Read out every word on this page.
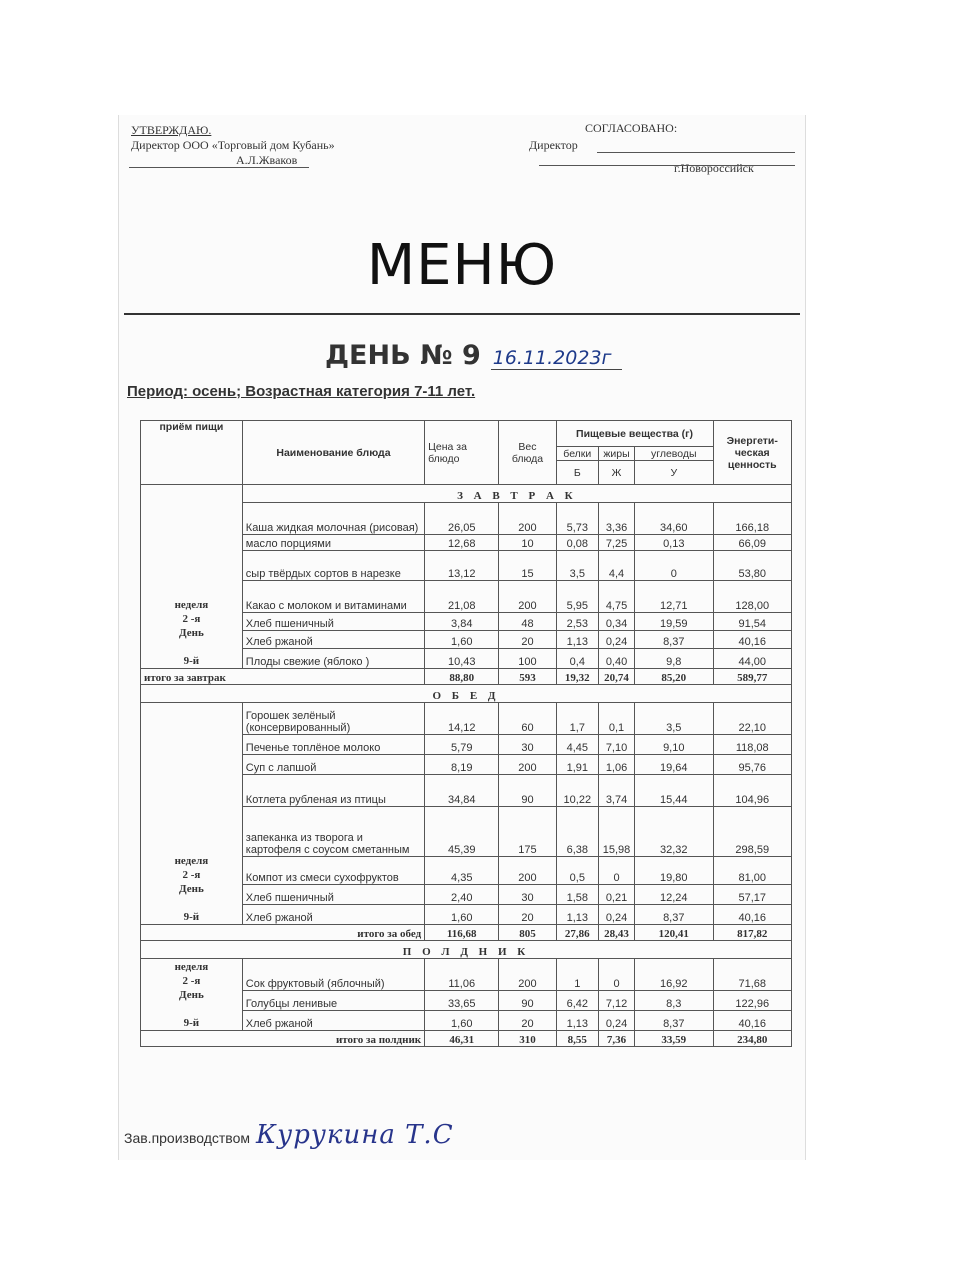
УТВЕРЖДАЮ.
Директор ООО «Торговый дом Кубань»
А.Л.Жваков
СОГЛАСОВАНО:
Директор
г.Новороссийск
МЕНЮ
ДЕНЬ № 9 16.11.2023г
Период: осень; Возрастная категория 7-11 лет.
приём пищи	Наименование блюда	Цена за блюдо	Вес блюда	Пищевые вещества (г)			Энергети-ческая ценность
				белки	жиры	углеводы	
				Б	Ж	У	
	З А В Т Р А К						

неделя
2 -я
День
9-й	Каша жидкая молочная (рисовая)	26,05	200	5,73	3,36	34,60	166,18
	масло порциями	12,68	10	0,08	7,25	0,13	66,09
	сыр твёрдых сортов в нарезке	13,12	15	3,5	4,4	0	53,80
	Какао с молоком и витаминами	21,08	200	5,95	4,75	12,71	128,00
	Хлеб пшеничный	3,84	48	2,53	0,34	19,59	91,54
	Хлеб ржаной	1,60	20	1,13	0,24	8,37	40,16
	Плоды свежие (яблоко )	10,43	100	0,4	0,40	9,8	44,00
итого за завтрак		88,80	593	19,32	20,74	85,20	589,77
О Б Е Д							

неделя
2 -я
День
9-й	Горошек зелёный (консервированный)	14,12	60	1,7	0,1	3,5	22,10
	Печенье топлёное молоко	5,79	30	4,45	7,10	9,10	118,08
	Суп с лапшой	8,19	200	1,91	1,06	19,64	95,76
	Котлета рубленая из птицы	34,84	90	10,22	3,74	15,44	104,96
	запеканка из творога и картофеля с соусом сметанным	45,39	175	6,38	15,98	32,32	298,59
	Компот из смеси сухофруктов	4,35	200	0,5	0	19,80	81,00
	Хлеб пшеничный	2,40	30	1,58	0,21	12,24	57,17
	Хлеб ржаной	1,60	20	1,13	0,24	8,37	40,16
итого за обед		116,68	805	27,86	28,43	120,41	817,82
П О Л Д Н И К							

неделя
2 -я
День
9-й	Сок фруктовый (яблочный)	11,06	200	1	0	16,92	71,68
	Голубцы ленивые	33,65	90	6,42	7,12	8,3	122,96
	Хлеб ржаной	1,60	20	1,13	0,24	8,37	40,16
итого за полдник		46,31	310	8,55	7,36	33,59	234,80
Зав.производством Курукина Т.С
